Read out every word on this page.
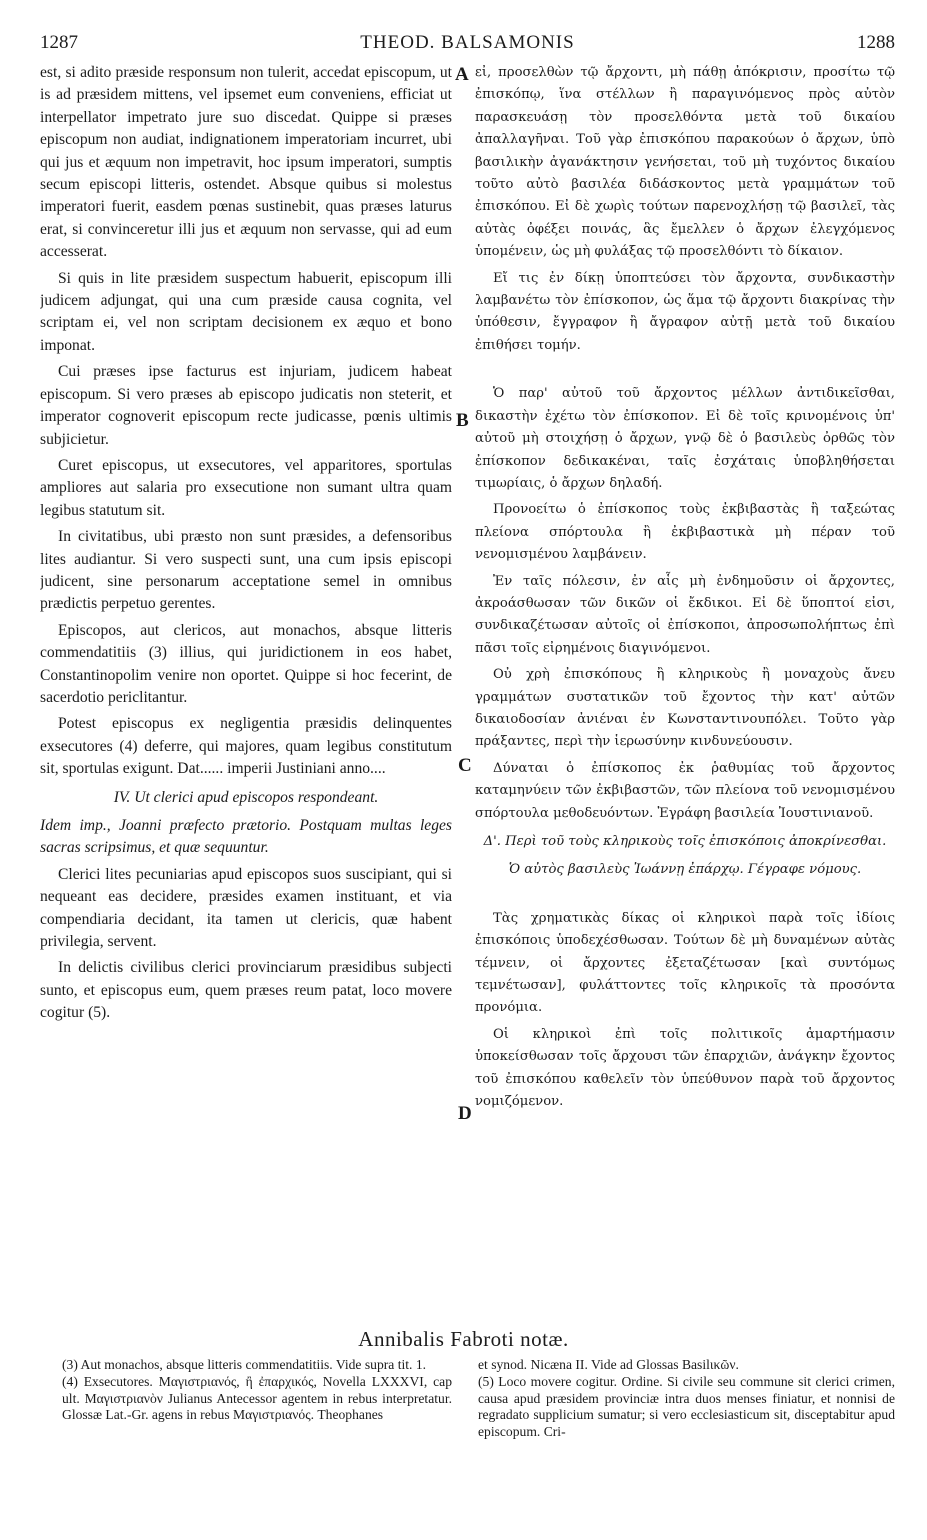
1287	THEOD. BALSAMONIS	1288
A
B
C
D

est, si adito præside responsum non tulerit, accedat episcopum, ut is ad præsidem mittens, vel ipsemet eum conveniens, efficiat ut interpellator impetrato jure suo discedat. Quippe si præses episcopum non audiat, indignationem imperatoriam incurret, ubi qui jus et æquum non impetravit, hoc ipsum imperatori, sumptis secum episcopi litteris, ostendet. Absque quibus si molestus imperatori fuerit, easdem pœnas sustinebit, quas præses laturus erat, si convinceretur illi jus et æquum non servasse, qui ad eum accesserat.

Si quis in lite præsidem suspectum habuerit, episcopum illi judicem adjungat, qui una cum præside causa cognita, vel scriptam ei, vel non scriptam decisionem ex æquo et bono imponat.

Cui præses ipse facturus est injuriam, judicem habeat episcopum. Si vero præses ab episcopo judicatis non steterit, et imperator cognoverit episcopum recte judicasse, pœnis ultimis subjicietur.

Curet episcopus, ut exsecutores, vel apparitores, sportulas ampliores aut salaria pro exsecutione non sumant ultra quam legibus statutum sit.

In civitatibus, ubi præsto non sunt præsides, a defensoribus lites audiantur. Si vero suspecti sunt, una cum ipsis episcopi judicent, sine personarum acceptatione semel in omnibus prædictis perpetuo gerentes.

Episcopos, aut clericos, aut monachos, absque litteris commendatitiis (3) illius, qui juridictionem in eos habet, Constantinopolim venire non oportet. Quippe si hoc fecerint, de sacerdotio periclitantur.

Potest episcopus ex negligentia præsidis delinquentes exsecutores (4) deferre, qui majores, quam legibus constitutum sit, sportulas exigunt. Dat...... imperii Justiniani anno....

IV. Ut clerici apud episcopos respondeant.

Idem imp., Joanni præfecto prætorio. Postquam multas leges sacras scripsimus, et quæ sequuntur.

Clerici lites pecuniarias apud episcopos suos suscipiant, qui si nequeant eas decidere, præsides examen instituant, et via compendiaria decidant, ita tamen ut clericis, quæ habent privilegia, servent.

In delictis civilibus clerici provinciarum præsidibus subjecti sunto, et episcopus eum, quem præses reum patat, loco movere cogitur (5).

εἰ, προσελθὼν τῷ ἄρχοντι, μὴ πάθῃ ἀπόκρισιν, προσίτω τῷ ἐπισκόπῳ, ἵνα στέλλων ἢ παραγινόμενος πρὸς αὐτὸν παρασκευάσῃ τὸν προσελθόντα μετὰ τοῦ δικαίου ἀπαλλαγῆναι. Τοῦ γὰρ ἐπισκόπου παρακούων ὁ ἄρχων, ὑπὸ βασιλικὴν ἀγανάκτησιν γενήσεται, τοῦ μὴ τυχόντος δικαίου τοῦτο αὐτὸ βασιλέα διδάσκοντος μετὰ γραμμάτων τοῦ ἐπισκόπου. Εἰ δὲ χωρὶς τούτων παρενοχλήσῃ τῷ βασιλεῖ, τὰς αὐτὰς ὀφέξει ποινάς, ἃς ἔμελλεν ὁ ἄρχων ἐλεγχόμενος ὑπομένειν, ὡς μὴ φυλάξας τῷ προσελθόντι τὸ δίκαιον.

Εἴ τις ἐν δίκῃ ὑποπτεύσει τὸν ἄρχοντα, συνδικαστὴν λαμβανέτω τὸν ἐπίσκοπον, ὡς ἅμα τῷ ἄρχοντι διακρίνας τὴν ὑπόθεσιν, ἔγγραφον ἢ ἄγραφον αὐτῇ μετὰ τοῦ δικαίου ἐπιθήσει τομήν.

Ὁ παρ' αὐτοῦ τοῦ ἄρχοντος μέλλων ἀντιδικεῖσθαι, δικαστὴν ἐχέτω τὸν ἐπίσκοπον. Εἰ δὲ τοῖς κρινομένοις ὑπ' αὐτοῦ μὴ στοιχήσῃ ὁ ἄρχων, γνῷ δὲ ὁ βασιλεὺς ὀρθῶς τὸν ἐπίσκοπον δεδικακέναι, ταῖς ἐσχάταις ὑποβληθήσεται τιμωρίαις, ὁ ἄρχων δηλαδή.

Προνοείτω ὁ ἐπίσκοπος τοὺς ἐκβιβαστὰς ἢ ταξεώτας πλείονα σπόρτουλα ἢ ἐκβιβαστικὰ μὴ πέραν τοῦ νενομισμένου λαμβάνειν.

Ἐν ταῖς πόλεσιν, ἐν αἷς μὴ ἐνδημοῦσιν οἱ ἄρχοντες, ἀκροάσθωσαν τῶν δικῶν οἱ ἔκδικοι. Εἰ δὲ ὕποπτοί εἰσι, συνδικαζέτωσαν αὐτοῖς οἱ ἐπίσκοποι, ἀπροσωπολήπτως ἐπὶ πᾶσι τοῖς εἰρημένοις διαγινόμενοι.

Οὐ χρὴ ἐπισκόπους ἢ κληρικοὺς ἢ μοναχοὺς ἄνευ γραμμάτων συστατικῶν τοῦ ἔχοντος τὴν κατ' αὐτῶν δικαιοδοσίαν ἀνιέναι ἐν Κωνσταντινουπόλει. Τοῦτο γὰρ πράξαντες, περὶ τὴν ἱερωσύνην κινδυνεύουσιν.

Δύναται ὁ ἐπίσκοπος ἐκ ῥαθυμίας τοῦ ἄρχοντος καταμηνύειν τῶν ἐκβιβαστῶν, τῶν πλείονα τοῦ νενομισμένου σπόρτουλα μεθοδευόντων. Ἐγράφη βασιλεία Ἰουστινιανοῦ.

Δ'. Περὶ τοῦ τοὺς κληρικοὺς τοῖς ἐπισκόποις ἀποκρίνεσθαι.

Ὁ αὐτὸς βασιλεὺς Ἰωάννῃ ἐπάρχῳ. Γέγραφε νόμους.

Τὰς χρηματικὰς δίκας οἱ κληρικοὶ παρὰ τοῖς ἰδίοις ἐπισκόποις ὑποδεχέσθωσαν. Τούτων δὲ μὴ δυναμένων αὐτὰς τέμνειν, οἱ ἄρχοντες ἐξεταζέτωσαν [καὶ συντόμως τεμνέτωσαν], φυλάττοντες τοῖς κληρικοῖς τὰ προσόντα προνόμια.

Οἱ κληρικοὶ ἐπὶ τοῖς πολιτικοῖς ἁμαρτήμασιν ὑποκείσθωσαν τοῖς ἄρχουσι τῶν ἐπαρχιῶν, ἀνάγκην ἔχοντος τοῦ ἐπισκόπου καθελεῖν τὸν ὑπεύθυνον παρὰ τοῦ ἄρχοντος νομιζόμενον.

Annibalis Fabroti notæ.

(3) Aut monachos, absque litteris commendatitiis. Vide supra tit. 1.

(4) Exsecutores. Μαγιστριανός, ἢ ἐπαρχικός, Novella LXXXVI, cap ult. Μαγιστριανὸν Julianus Antecessor agentem in rebus interpretatur. Glossæ Lat.-Gr. agens in rebus Μαγιστριανός. Theophanes

et synod. Nicæna II. Vide ad Glossas Basilικῶν.

(5) Loco movere cogitur. Ordine. Si civile seu commune sit clerici crimen, causa apud præsidem provinciæ intra duos menses finiatur, et nonnisi de regradato supplicium sumatur; si vero ecclesiasticum sit, disceptabitur apud episcopum. Cri-
